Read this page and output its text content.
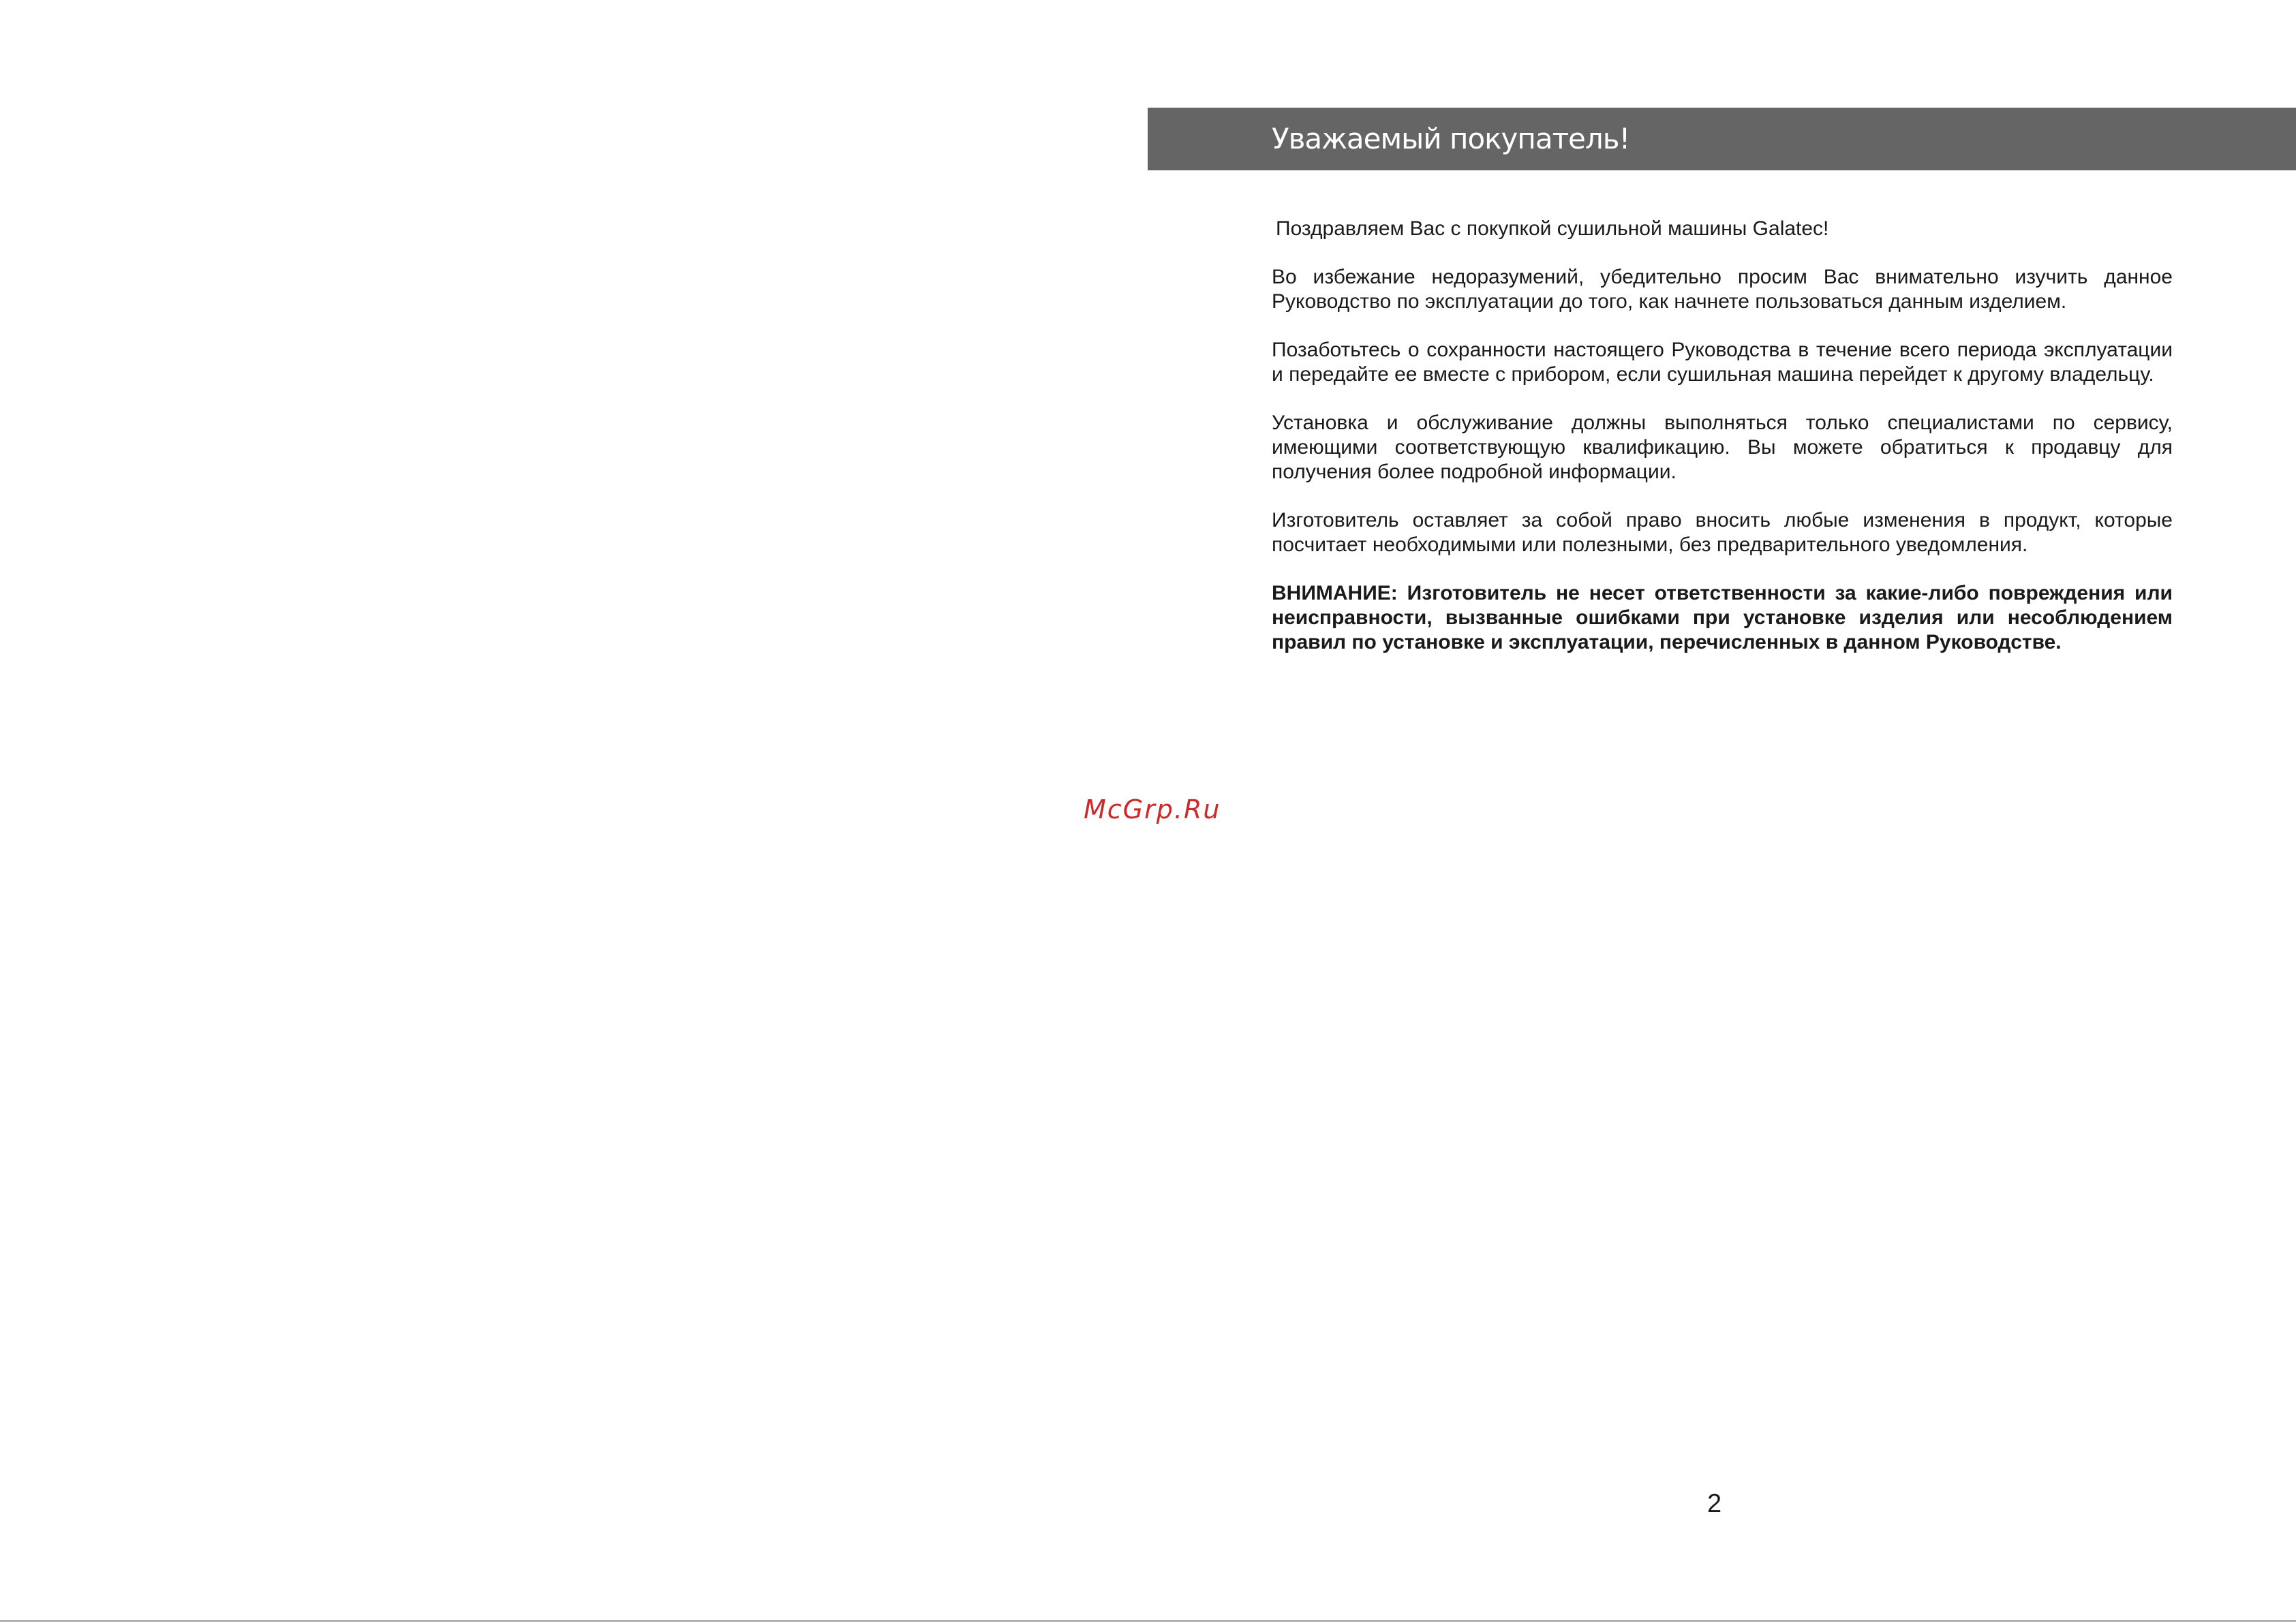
Уважаемый покупатель!

Поздравляем Вас с покупкой сушильной машины Galatec!

Во избежание недоразумений, убедительно просим Вас внимательно изучить данное Руководство по эксплуатации до того, как начнете пользоваться данным изделием.

Позаботьтесь о сохранности настоящего Руководства в течение всего периода эксплуатации и передайте ее вместе с прибором, если сушильная машина перейдет к другому владельцу.

Установка и обслуживание должны выполняться только специалистами по сервису, имеющими соответствующую квалификацию. Вы можете обратиться к продавцу для получения более подробной информации.

Изготовитель оставляет за собой право вносить любые изменения в продукт, которые посчитает необходимыми или полезными, без предварительного уведомления.

ВНИМАНИЕ: Изготовитель не несет ответственности за какие-либо повреждения или неисправности, вызванные ошибками при установке изделия или несоблюдением правил по установке и эксплуатации, перечисленных в данном Руководстве.

McGrp.Ru
2
